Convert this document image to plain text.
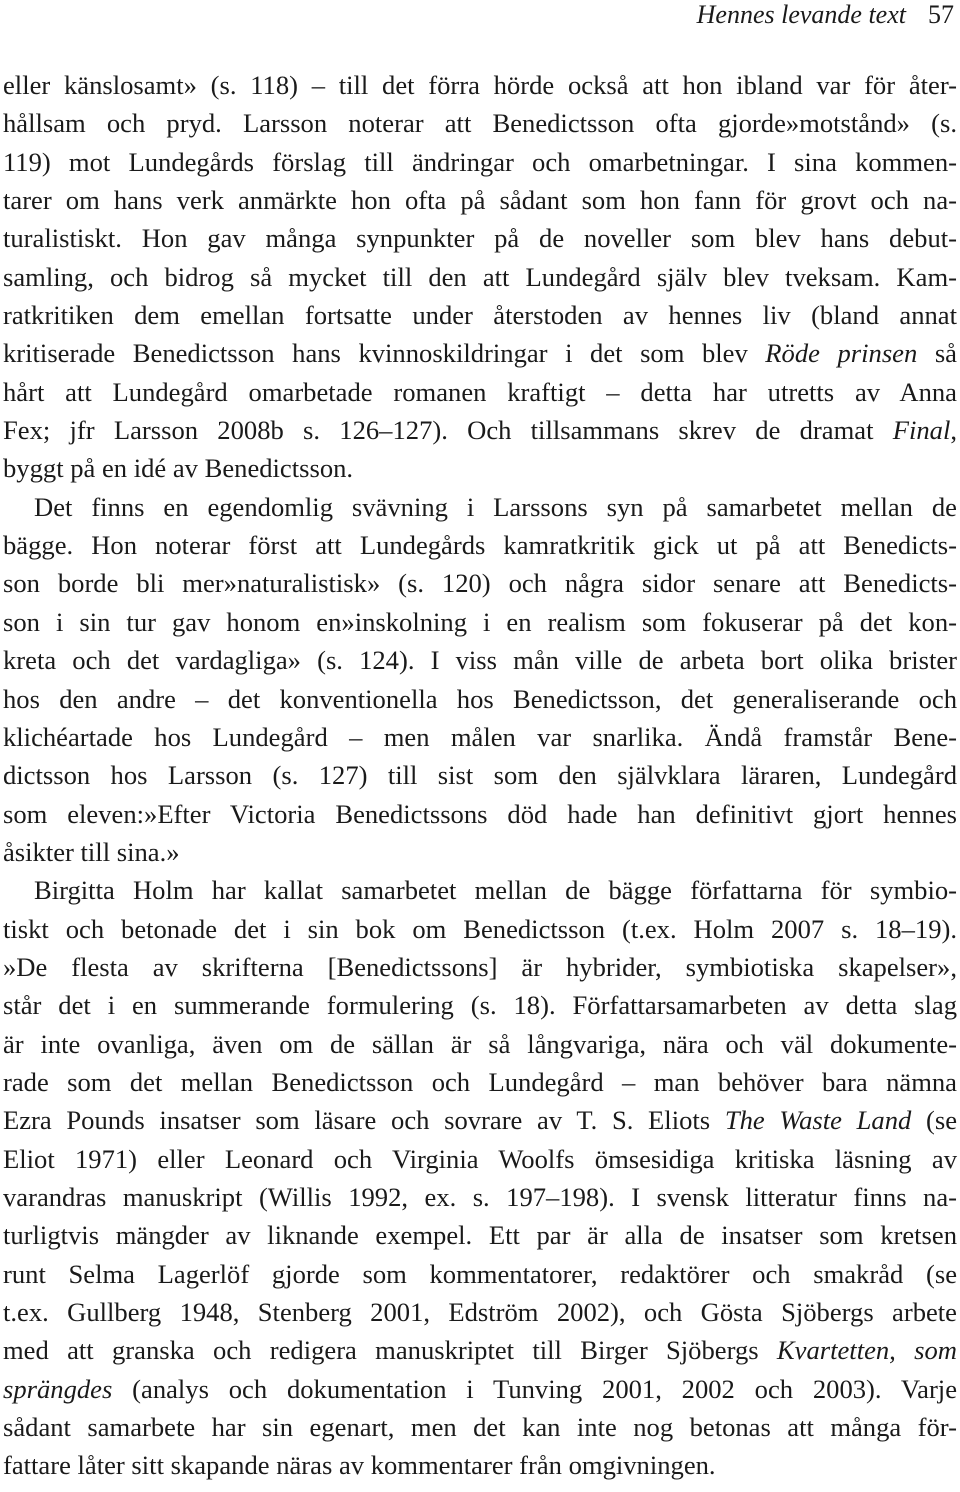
Hennes levande text 57
eller känslosamt» (s. 118) – till det förra hörde också att hon ibland var för åter-
hållsam och pryd. Larsson noterar att Benedictsson ofta gjorde»motstånd» (s.
119) mot Lundegårds förslag till ändringar och omarbetningar. I sina kommen-
tarer om hans verk anmärkte hon ofta på sådant som hon fann för grovt och na-
turalistiskt. Hon gav många synpunkter på de noveller som blev hans debut-
samling, och bidrog så mycket till den att Lundegård själv blev tveksam. Kam-
ratkritiken dem emellan fortsatte under återstoden av hennes liv (bland annat
kritiserade Benedictsson hans kvinnoskildringar i det som blev Röde prinsen så
hårt att Lundegård omarbetade romanen kraftigt – detta har utretts av Anna
Fex; jfr Larsson 2008b s. 126–127). Och tillsammans skrev de dramat Final,
byggt på en idé av Benedictsson.
Det finns en egendomlig svävning i Larssons syn på samarbetet mellan de
bägge. Hon noterar först att Lundegårds kamratkritik gick ut på att Benedicts-
son borde bli mer»naturalistisk» (s. 120) och några sidor senare att Benedicts-
son i sin tur gav honom en»inskolning i en realism som fokuserar på det kon-
kreta och det vardagliga» (s. 124). I viss mån ville de arbeta bort olika brister
hos den andre – det konventionella hos Benedictsson, det generaliserande och
klichéartade hos Lundegård – men målen var snarlika. Ändå framstår Bene-
dictsson hos Larsson (s. 127) till sist som den självklara läraren, Lundegård
som eleven:»Efter Victoria Benedictssons död hade han definitivt gjort hennes
åsikter till sina.»
Birgitta Holm har kallat samarbetet mellan de bägge författarna för symbio-
tiskt och betonade det i sin bok om Benedictsson (t.ex. Holm 2007 s. 18–19).
»De flesta av skrifterna [Benedictssons] är hybrider, symbiotiska skapelser»,
står det i en summerande formulering (s. 18). Författarsamarbeten av detta slag
är inte ovanliga, även om de sällan är så långvariga, nära och väl dokumente-
rade som det mellan Benedictsson och Lundegård – man behöver bara nämna
Ezra Pounds insatser som läsare och sovrare av T. S. Eliots The Waste Land (se
Eliot 1971) eller Leonard och Virginia Woolfs ömsesidiga kritiska läsning av
varandras manuskript (Willis 1992, ex. s. 197–198). I svensk litteratur finns na-
turligtvis mängder av liknande exempel. Ett par är alla de insatser som kretsen
runt Selma Lagerlöf gjorde som kommentatorer, redaktörer och smakråd (se
t.ex. Gullberg 1948, Stenberg 2001, Edström 2002), och Gösta Sjöbergs arbete
med att granska och redigera manuskriptet till Birger Sjöbergs Kvartetten, som
sprängdes (analys och dokumentation i Tunving 2001, 2002 och 2003). Varje
sådant samarbete har sin egenart, men det kan inte nog betonas att många för-
fattare låter sitt skapande näras av kommentarer från omgivningen.
